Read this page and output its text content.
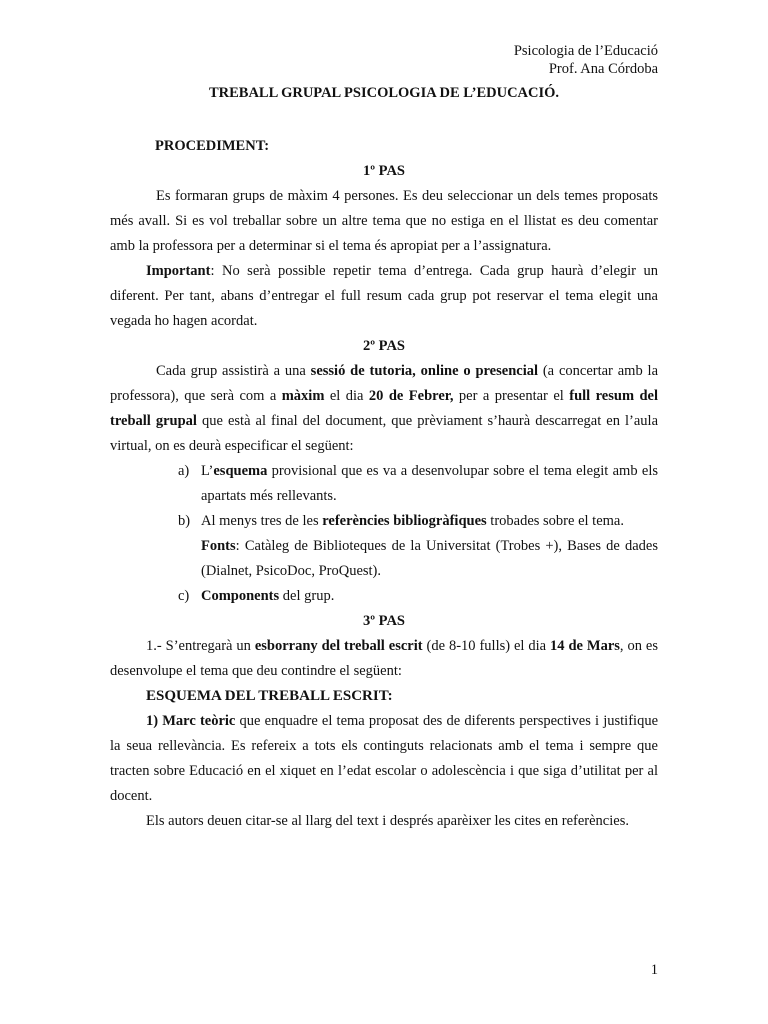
Psicologia de l’Educació
Prof. Ana Córdoba
TREBALL GRUPAL PSICOLOGIA DE L’EDUCACIÓ.
PROCEDIMENT:
1º PAS

Es formaran grups de màxim 4 persones. Es deu seleccionar un dels temes proposats més avall. Si es vol treballar sobre un altre tema que no estiga en el llistat es deu comentar amb la professora per a determinar si el tema és apropiat per a l’assignatura.

Important: No serà possible repetir tema d’entrega. Cada grup haurà d’elegir un diferent. Per tant, abans d’entregar el full resum cada grup pot reservar el tema elegit una vegada ho hagen acordat.

2º PAS

Cada grup assistirà a una sessió de tutoria, online o presencial (a concertar amb la professora), que serà com a màxim el dia 20 de Febrer, per a presentar el full resum del treball grupal que està al final del document, que prèviament s’haurà descarregat en l’aula virtual, on es deurà especificar el següent:

a) L’esquema provisional que es va a desenvolupar sobre el tema elegit amb els apartats més rellevants.
b) Al menys tres de les referències bibliogràfiques trobades sobre el tema.
Fonts: Catàleg de Biblioteques de la Universitat (Trobes +), Bases de dades (Dialnet, PsicoDoc, ProQuest).
c) Components del grup.
3º PAS

1.- S’entregarà un esborrany del treball escrit (de 8-10 fulls) el dia 14 de Mars, on es desenvolupe el tema que deu contindre el següent:

ESQUEMA DEL TREBALL ESCRIT:

1) Marc teòric que enquadre el tema proposat des de diferents perspectives i justifique la seua rellevància. Es refereix a tots els continguts relacionats amb el tema i sempre que tracten sobre Educació en el xiquet en l’edat escolar o adolescència i que siga d’utilitat per al docent.

Els autors deuen citar-se al llarg del text i després aparèixer les cites en referències.

1
